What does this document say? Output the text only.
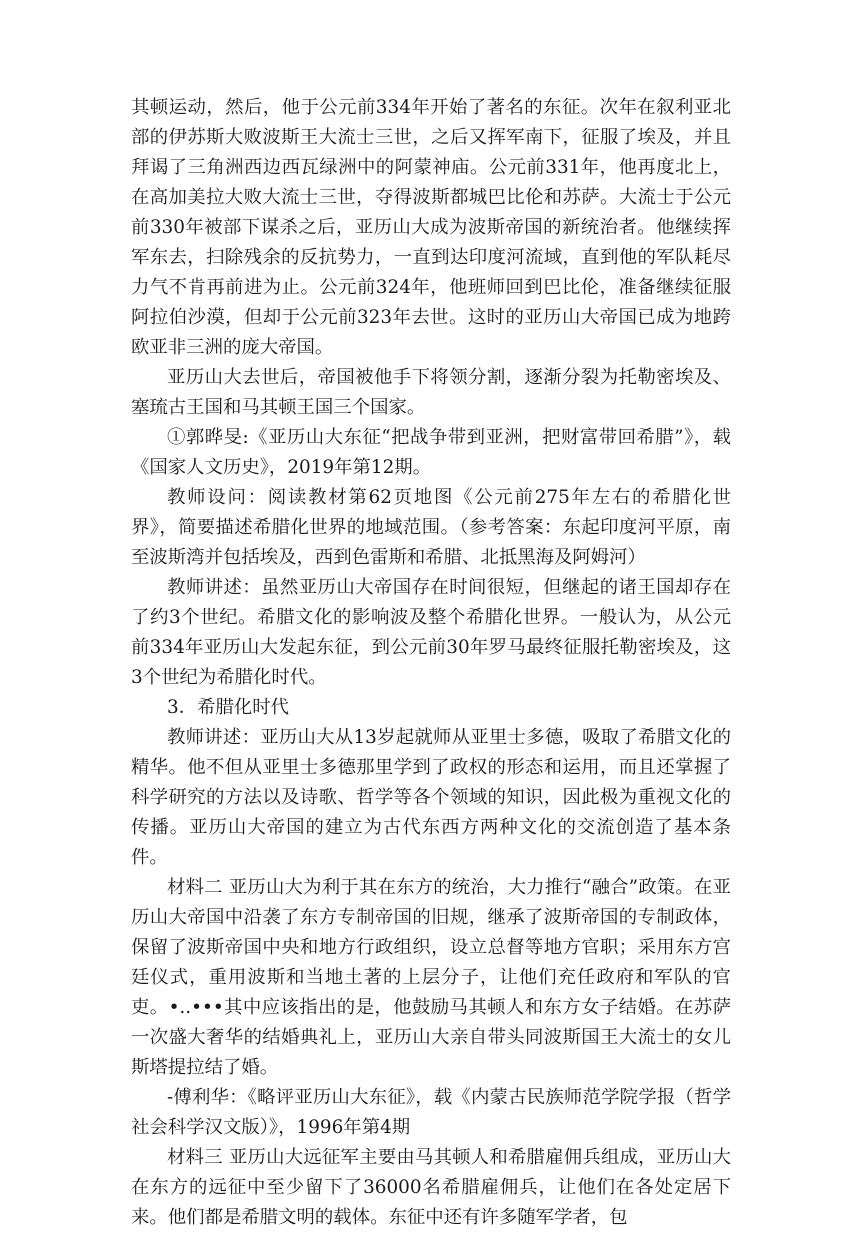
其顿运动，然后，他于公元前334年开始了著名的东征。次年在叙利亚北部的伊苏斯大败波斯王大流士三世，之后又挥军南下，征服了埃及，并且拜谒了三角洲西边西瓦绿洲中的阿蒙神庙。公元前331年，他再度北上，在高加美拉大败大流士三世，夺得波斯都城巴比伦和苏萨。大流士于公元前330年被部下谋杀之后，亚历山大成为波斯帝国的新统治者。他继续挥军东去，扫除残余的反抗势力，一直到达印度河流域，直到他的军队耗尽力气不肯再前进为止。公元前324年，他班师回到巴比伦，准备继续征服阿拉伯沙漠，但却于公元前323年去世。这时的亚历山大帝国已成为地跨欧亚非三洲的庞大帝国。

亚历山大去世后，帝国被他手下将领分割，逐渐分裂为托勒密埃及、塞琉古王国和马其顿王国三个国家。

①郭晔旻:《亚历山大东征“把战争带到亚洲，把财富带回希腊”》，载《国家人文历史》，2019年第12期。

教师设问：阅读教材第62页地图《公元前275年左右的希腊化世界》，简要描述希腊化世界的地域范围。（参考答案：东起印度河平原，南至波斯湾并包括埃及，西到色雷斯和希腊、北抵黑海及阿姆河）

教师讲述：虽然亚历山大帝国存在时间很短，但继起的诸王国却存在了约3个世纪。希腊文化的影响波及整个希腊化世界。一般认为，从公元前334年亚历山大发起东征，到公元前30年罗马最终征服托勒密埃及，这3个世纪为希腊化时代。

3．希腊化时代

教师讲述：亚历山大从13岁起就师从亚里士多德，吸取了希腊文化的精华。他不但从亚里士多德那里学到了政权的形态和运用，而且还掌握了科学研究的方法以及诗歌、哲学等各个领域的知识，因此极为重视文化的传播。亚历山大帝国的建立为古代东西方两种文化的交流创造了基本条件。

材料二 亚历山大为利于其在东方的统治，大力推行“融合”政策。在亚历山大帝国中沿袭了东方专制帝国的旧规，继承了波斯帝国的专制政体，保留了波斯帝国中央和地方行政组织，设立总督等地方官职；采用东方宫廷仪式，重用波斯和当地土著的上层分子，让他们充任政府和军队的官吏。•..•••其中应该指出的是，他鼓励马其顿人和东方女子结婚。在苏萨一次盛大奢华的结婚典礼上，亚历山大亲自带头同波斯国王大流士的女儿斯塔提拉结了婚。

-傅利华：《略评亚历山大东征》，载《内蒙古民族师范学院学报（哲学社会科学汉文版）》，1996年第4期

材料三 亚历山大远征军主要由马其顿人和希腊雇佣兵组成，亚历山大在东方的远征中至少留下了36000名希腊雇佣兵，让他们在各处定居下来。他们都是希腊文明的载体。东征中还有许多随军学者，包
